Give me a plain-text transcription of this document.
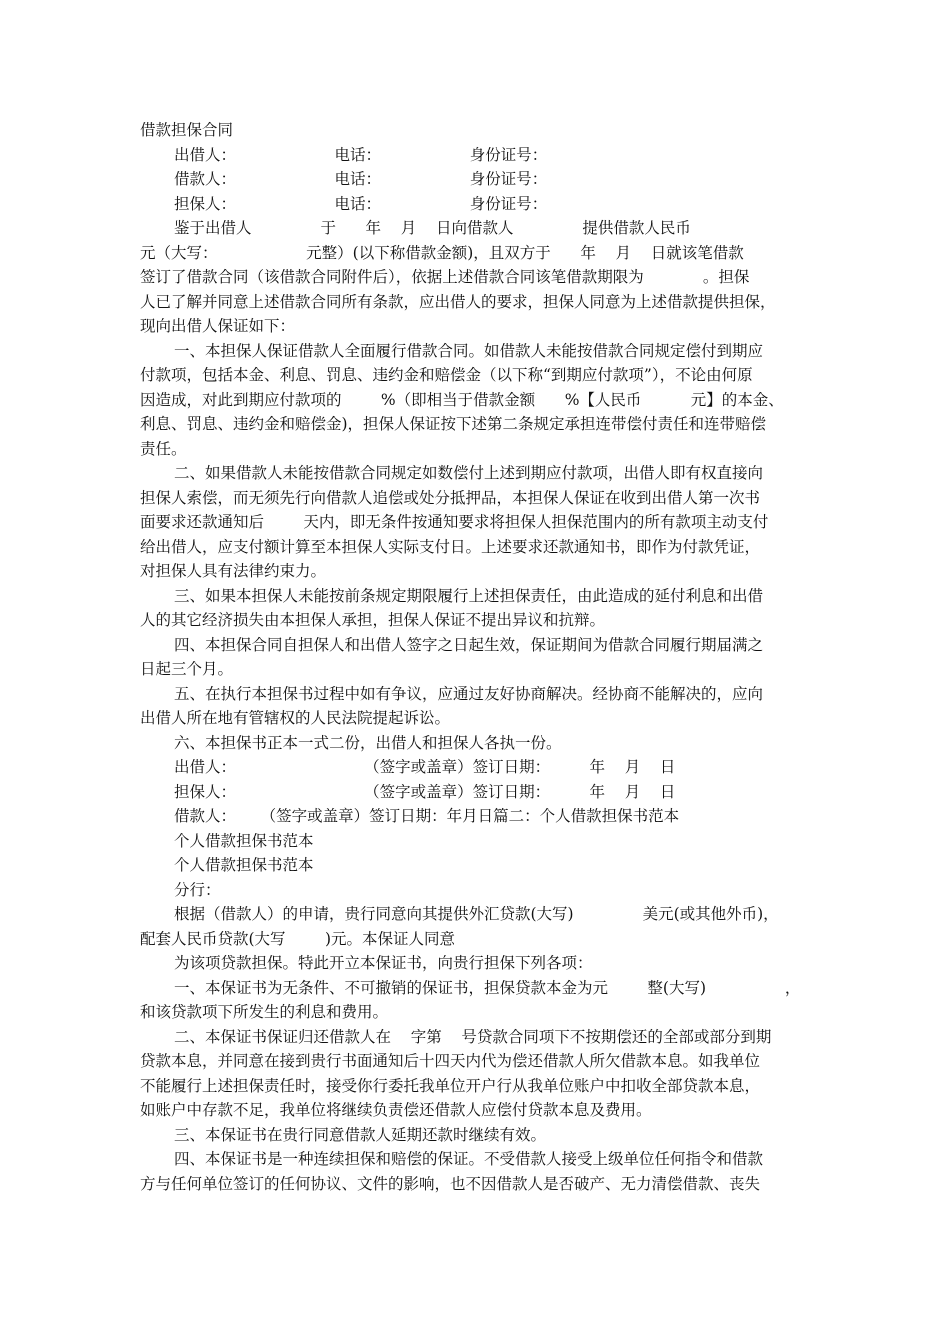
借款担保合同
出借人：                    电话：                  身份证号：
借款人：                    电话：                  身份证号：
担保人：                    电话：                  身份证号：
鉴于出借人              于      年    月    日向借款人              提供借款人民币
元（大写：                  元整）(以下称借款金额)，且双方于      年    月    日就该笔借款
签订了借款合同（该借款合同附件后），依据上述借款合同该笔借款期限为            。担保
人已了解并同意上述借款合同所有条款，应出借人的要求，担保人同意为上述借款提供担保，
现向出借人保证如下：
一、本担保人保证借款人全面履行借款合同。如借款人未能按借款合同规定偿付到期应
付款项，包括本金、利息、罚息、违约金和赔偿金（以下称“到期应付款项”），不论由何原
因造成，对此到期应付款项的        %（即相当于借款金额      %【人民币          元】的本金、
利息、罚息、违约金和赔偿金)，担保人保证按下述第二条规定承担连带偿付责任和连带赔偿
责任。
二、如果借款人未能按借款合同规定如数偿付上述到期应付款项，出借人即有权直接向
担保人索偿，而无须先行向借款人追偿或处分抵押品，本担保人保证在收到出借人第一次书
面要求还款通知后        天内，即无条件按通知要求将担保人担保范围内的所有款项主动支付
给出借人，应支付额计算至本担保人实际支付日。上述要求还款通知书，即作为付款凭证，
对担保人具有法律约束力。
三、如果本担保人未能按前条规定期限履行上述担保责任，由此造成的延付利息和出借
人的其它经济损失由本担保人承担，担保人保证不提出异议和抗辩。
四、本担保合同自担保人和出借人签字之日起生效，保证期间为借款合同履行期届满之
日起三个月。
五、在执行本担保书过程中如有争议，应通过友好协商解决。经协商不能解决的，应向
出借人所在地有管辖权的人民法院提起诉讼。
六、本担保书正本一式二份，出借人和担保人各执一份。
出借人：                          （签字或盖章）签订日期：        年    月    日
担保人：                          （签字或盖章）签订日期：        年    月    日
借款人：     （签字或盖章）签订日期：年月日篇二：个人借款担保书范本
个人借款担保书范本
个人借款担保书范本
分行：
根据（借款人）的申请，贵行同意向其提供外汇贷款(大写)              美元(或其他外币)，
配套人民币贷款(大写        )元。本保证人同意
为该项贷款担保。特此开立本保证书，向贵行担保下列各项：
一、本保证书为无条件、不可撤销的保证书，担保贷款本金为元        整(大写)                ，
和该贷款项下所发生的利息和费用。
二、本保证书保证归还借款人在    字第    号贷款合同项下不按期偿还的全部或部分到期
贷款本息，并同意在接到贵行书面通知后十四天内代为偿还借款人所欠借款本息。如我单位
不能履行上述担保责任时，接受你行委托我单位开户行从我单位账户中扣收全部贷款本息，
如账户中存款不足，我单位将继续负责偿还借款人应偿付贷款本息及费用。
三、本保证书在贵行同意借款人延期还款时继续有效。
四、本保证书是一种连续担保和赔偿的保证。不受借款人接受上级单位任何指令和借款
方与任何单位签订的任何协议、文件的影响，也不因借款人是否破产、无力清偿借款、丧失
